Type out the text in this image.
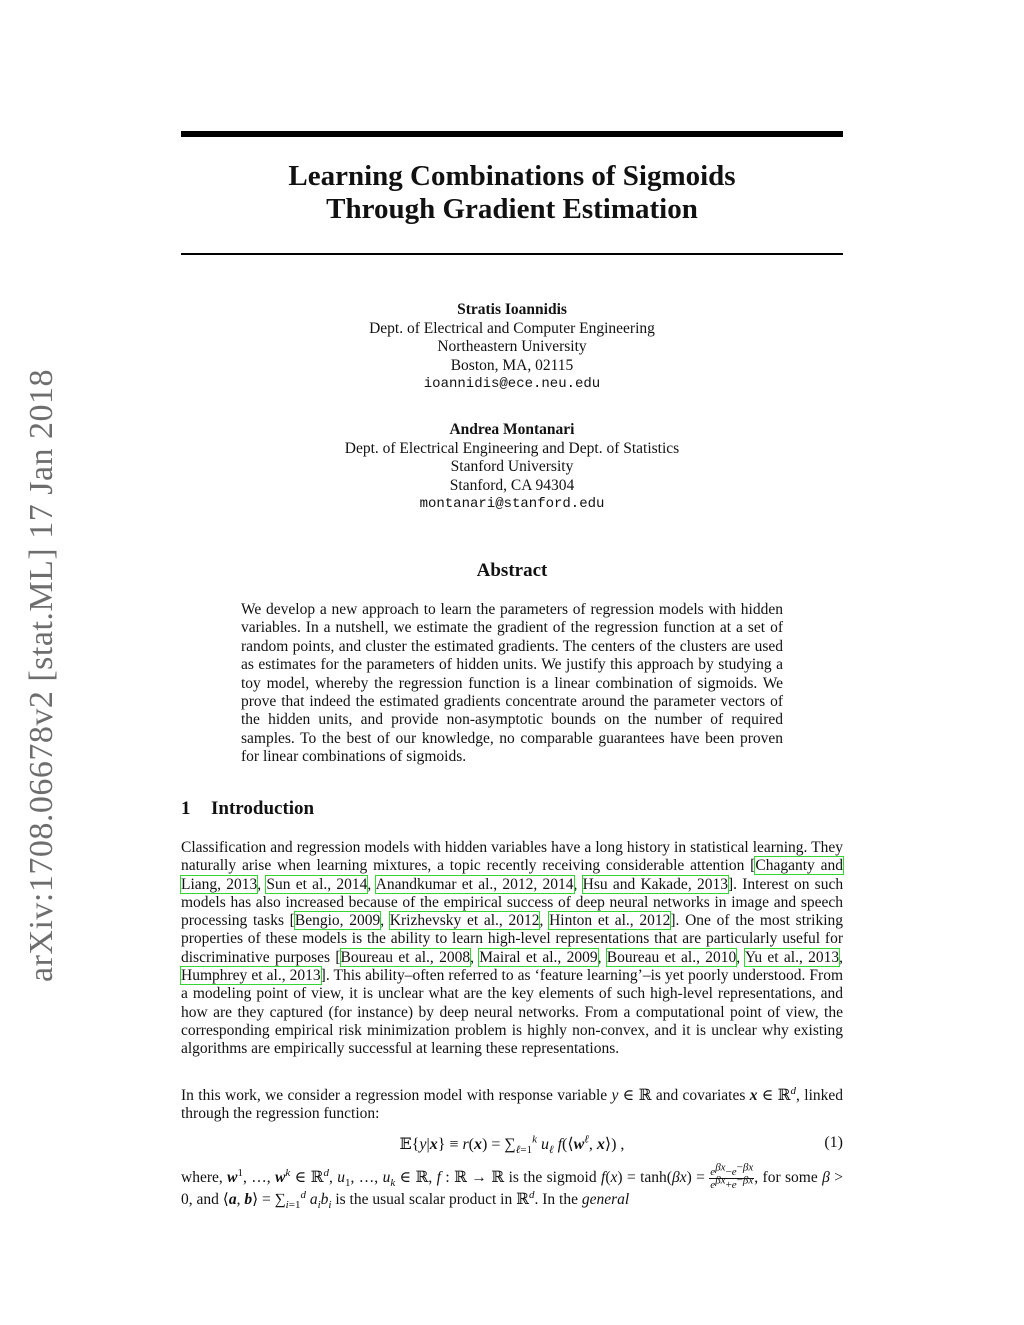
arXiv:1708.06678v2 [stat.ML] 17 Jan 2018
Learning Combinations of Sigmoids
Through Gradient Estimation
Stratis Ioannidis
Dept. of Electrical and Computer Engineering
Northeastern University
Boston, MA, 02115
ioannidis@ece.neu.edu
Andrea Montanari
Dept. of Electrical Engineering and Dept. of Statistics
Stanford University
Stanford, CA 94304
montanari@stanford.edu
Abstract
We develop a new approach to learn the parameters of regression models with hidden variables. In a nutshell, we estimate the gradient of the regression function at a set of random points, and cluster the estimated gradients. The centers of the clusters are used as estimates for the parameters of hidden units. We justify this approach by studying a toy model, whereby the regression function is a linear combination of sigmoids. We prove that indeed the estimated gradients concentrate around the parameter vectors of the hidden units, and provide non-asymptotic bounds on the number of required samples. To the best of our knowledge, no comparable guarantees have been proven for linear combinations of sigmoids.
1 Introduction
Classification and regression models with hidden variables have a long history in statistical learning. They naturally arise when learning mixtures, a topic recently receiving considerable attention [Chaganty and Liang, 2013, Sun et al., 2014, Anandkumar et al., 2012, 2014, Hsu and Kakade, 2013]. Interest on such models has also increased because of the empirical success of deep neural networks in image and speech processing tasks [Bengio, 2009, Krizhevsky et al., 2012, Hinton et al., 2012]. One of the most striking properties of these models is the ability to learn high-level representations that are particularly useful for discriminative purposes [Boureau et al., 2008, Mairal et al., 2009, Boureau et al., 2010, Yu et al., 2013, Humphrey et al., 2013]. This ability–often referred to as ‘feature learning’–is yet poorly understood. From a modeling point of view, it is unclear what are the key elements of such high-level representations, and how are they captured (for instance) by deep neural networks. From a computational point of view, the corresponding empirical risk minimization problem is highly non-convex, and it is unclear why existing algorithms are empirically successful at learning these representations.
In this work, we consider a regression model with response variable y ∈ ℝ and covariates x ∈ ℝ$^d$, linked through the regression function:
𝔼{y|x} ≡ $r(x) = \sum_{\ell=1}^k$ $u_\ell$ $f(⟨w^\ell$, x⟩) ,	(1)
where, $w^1$, …, $w^k$ ∈ ℝ$^d$, $u_1$, …, $u_k$ ∈ ℝ, f : ℝ → ℝ is the sigmoid $f(x) = \tanh(\beta x) = \frac{e^{\beta x}-e^{-\beta x}}{e^{\beta x}+e^{-\beta x}}$ , for some β > 0, and ⟨a, b⟩ = $\sum_{i=1}^d$ $a_ib_i$ is the usual scalar product in ℝ$^d$. In the general
